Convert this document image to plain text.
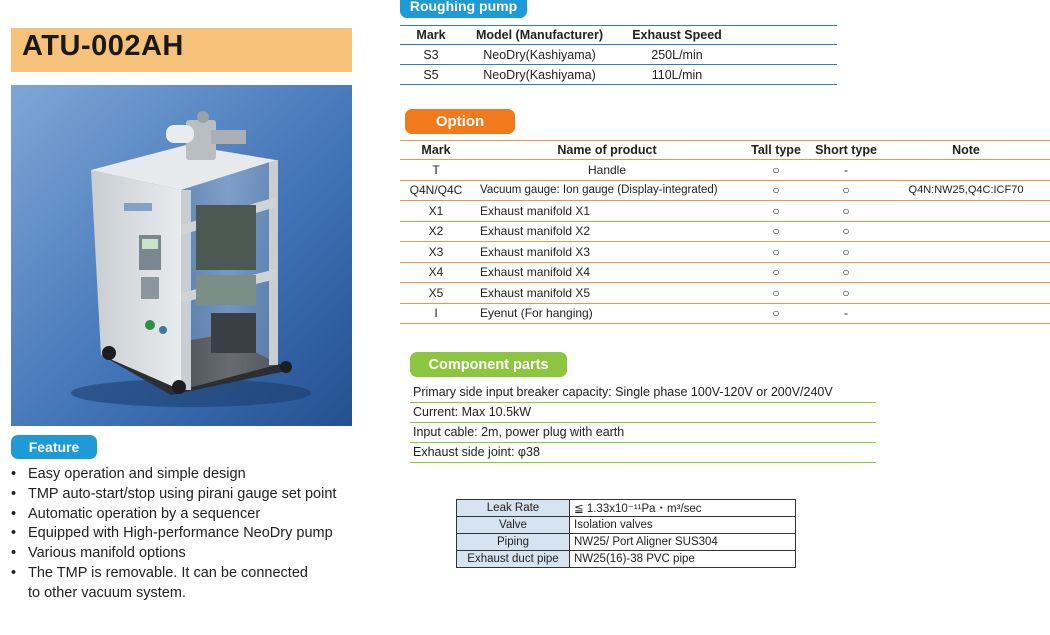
ATU-002AH
Feature
• Easy operation and simple design
• TMP auto-start/stop using pirani gauge set point
• Automatic operation by a sequencer
• Equipped with High-performance NeoDry pump
• Various manifold options
• The TMP is removable. It can be connected
to other vacuum system.
Roughing pump
Mark	Model (Manufacturer)	Exhaust Speed	
S3	NeoDry(Kashiyama)	250L/min	
S5	NeoDry(Kashiyama)	110L/min	
Option
Mark	Name of product	Tall type	Short type	Note
T	Handle	○	-	
Q4N/Q4C	Vacuum gauge: Ion gauge (Display-integrated)	○	○	Q4N:NW25,Q4C:ICF70
X1	Exhaust manifold X1	○	○	
X2	Exhaust manifold X2	○	○	
X3	Exhaust manifold X3	○	○	
X4	Exhaust manifold X4	○	○	
X5	Exhaust manifold X5	○	○	
I	Eyenut (For hanging)	○	-	
Component parts
Primary side input breaker capacity: Single phase 100V-120V or 200V/240V
Current: Max 10.5kW
Input cable: 2m, power plug with earth
Exhaust side joint: φ38
Leak Rate	≦ 1.33x10⁻¹¹Pa・m³/sec
Valve	Isolation valves
Piping	NW25/ Port Aligner SUS304
Exhaust duct pipe	NW25(16)-38 PVC pipe
